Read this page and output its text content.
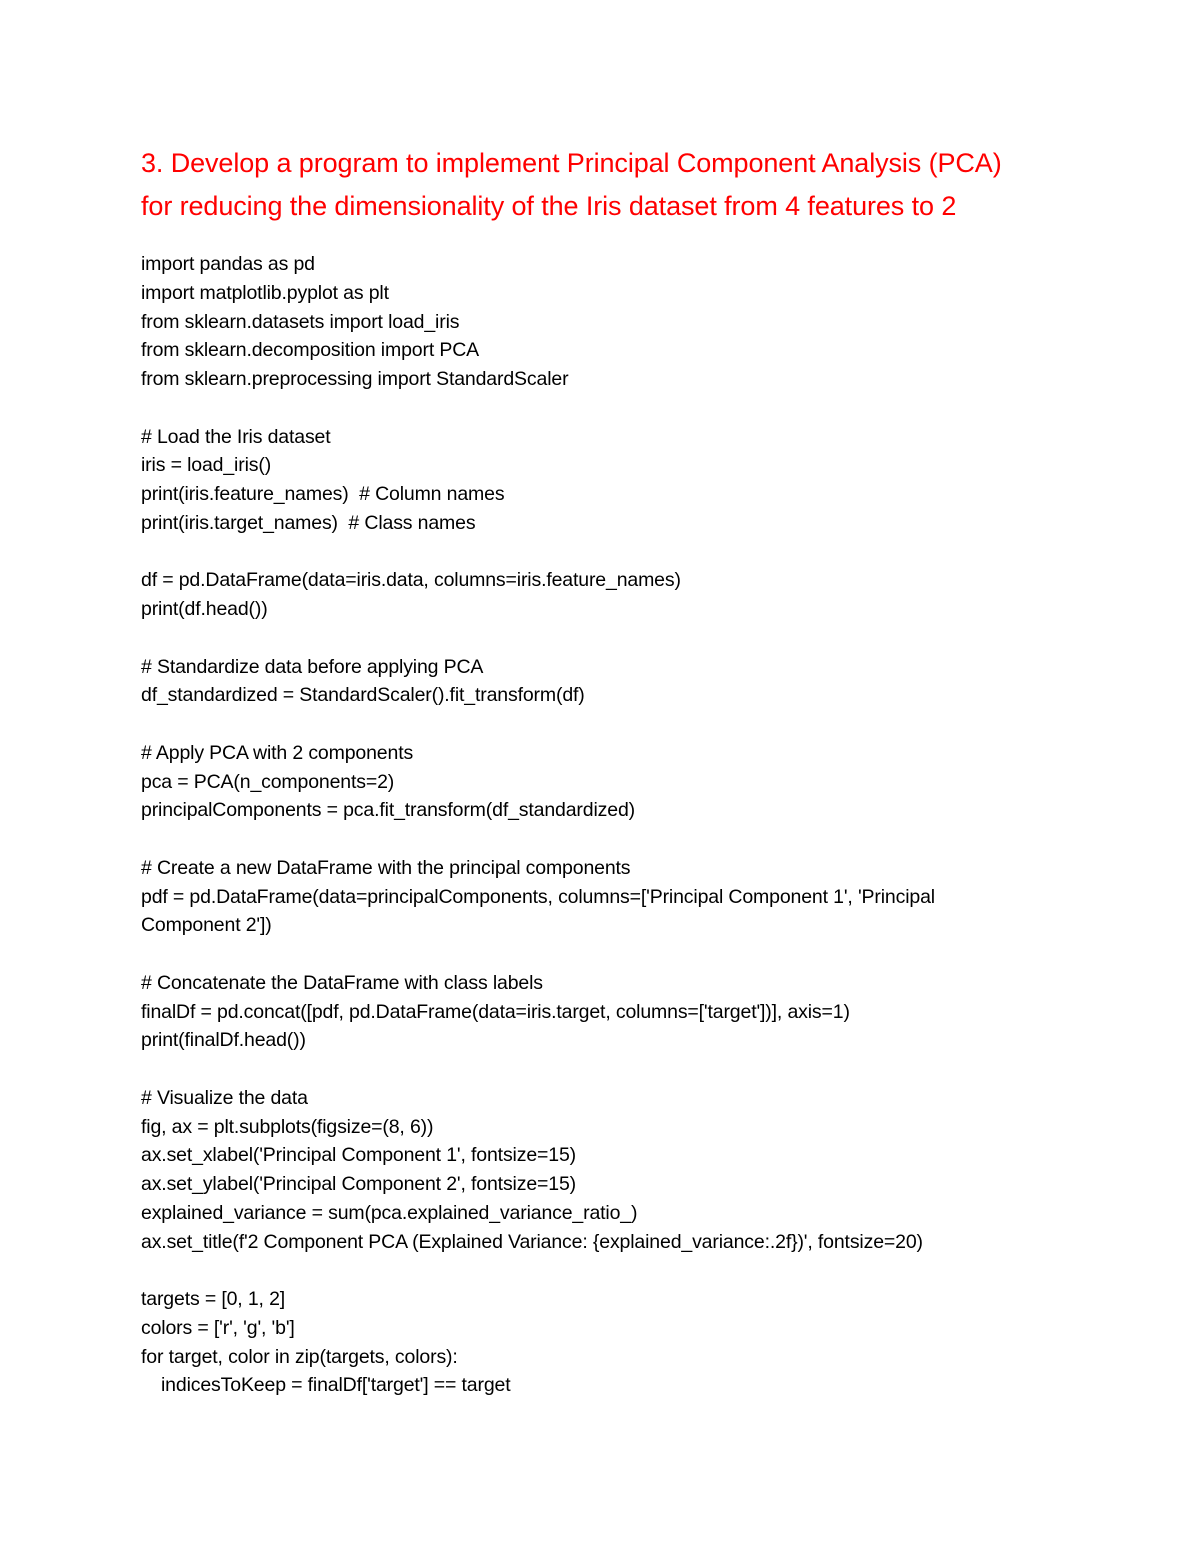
3. Develop a program to implement Principal Component Analysis (PCA)
for reducing the dimensionality of the Iris dataset from 4 features to 2
import pandas as pd
import matplotlib.pyplot as plt
from sklearn.datasets import load_iris
from sklearn.decomposition import PCA
from sklearn.preprocessing import StandardScaler
# Load the Iris dataset
iris = load_iris()
print(iris.feature_names)  # Column names
print(iris.target_names)  # Class names
df = pd.DataFrame(data=iris.data, columns=iris.feature_names)
print(df.head())
# Standardize data before applying PCA
df_standardized = StandardScaler().fit_transform(df)
# Apply PCA with 2 components
pca = PCA(n_components=2)
principalComponents = pca.fit_transform(df_standardized)
# Create a new DataFrame with the principal components
pdf = pd.DataFrame(data=principalComponents, columns=['Principal Component 1', 'Principal
Component 2'])
# Concatenate the DataFrame with class labels
finalDf = pd.concat([pdf, pd.DataFrame(data=iris.target, columns=['target'])], axis=1)
print(finalDf.head())
# Visualize the data
fig, ax = plt.subplots(figsize=(8, 6))
ax.set_xlabel('Principal Component 1', fontsize=15)
ax.set_ylabel('Principal Component 2', fontsize=15)
explained_variance = sum(pca.explained_variance_ratio_)
ax.set_title(f'2 Component PCA (Explained Variance: {explained_variance:.2f})', fontsize=20)
targets = [0, 1, 2]
colors = ['r', 'g', 'b']
for target, color in zip(targets, colors):
indicesToKeep = finalDf['target'] == target
